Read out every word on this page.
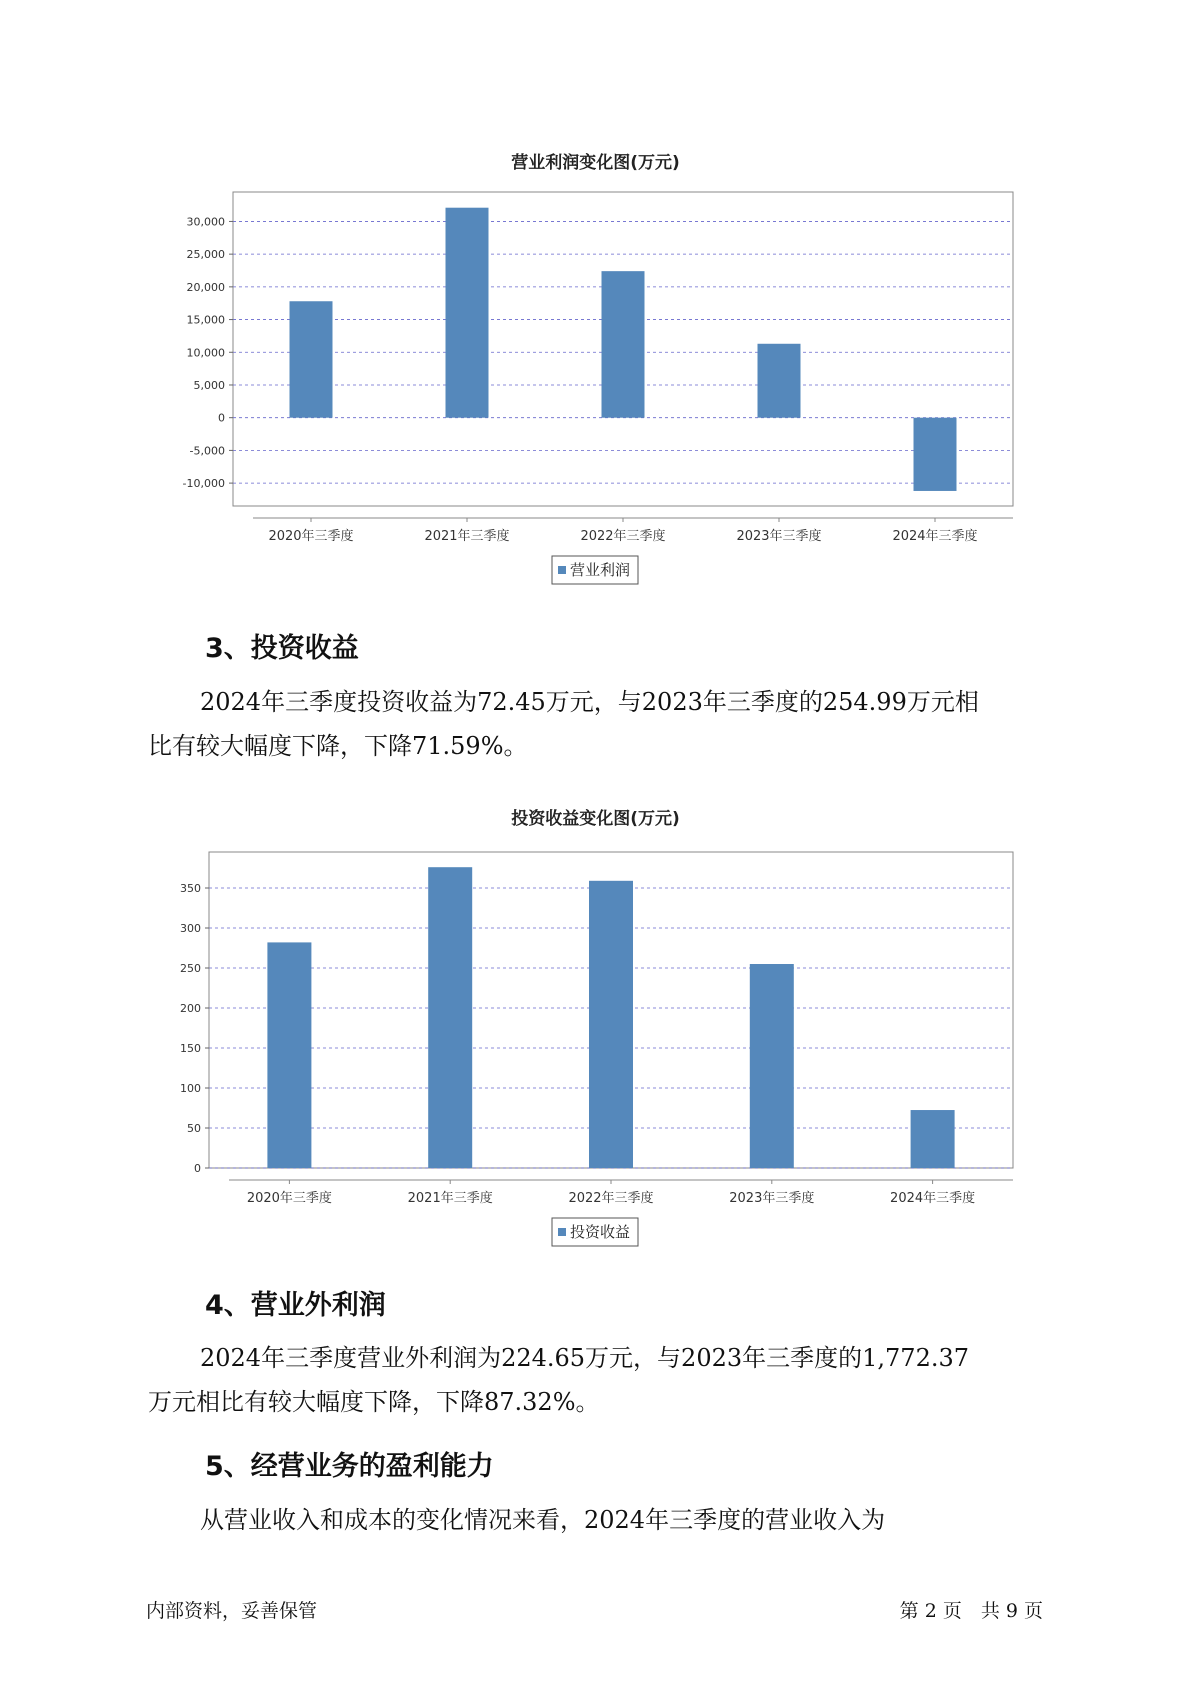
营业利润变化图(万元)
-10,000
-5,000
0
5,000
10,000
15,000
20,000
25,000
30,000
2020年三季度	2021年三季度	2022年三季度	2023年三季度	2024年三季度
营业利润
3、投资收益
2024年三季度投资收益为72.45万元，与2023年三季度的254.99万元相
比有较大幅度下降，下降71.59%。
投资收益变化图(万元)
0
50
100
150
200
250
300
350
2020年三季度	2021年三季度	2022年三季度	2023年三季度	2024年三季度
投资收益
4、营业外利润
2024年三季度营业外利润为224.65万元，与2023年三季度的1,772.37
万元相比有较大幅度下降，下降87.32%。
5、经营业务的盈利能力
从营业收入和成本的变化情况来看，2024年三季度的营业收入为
内部资料，妥善保管	第 2 页　共 9 页
